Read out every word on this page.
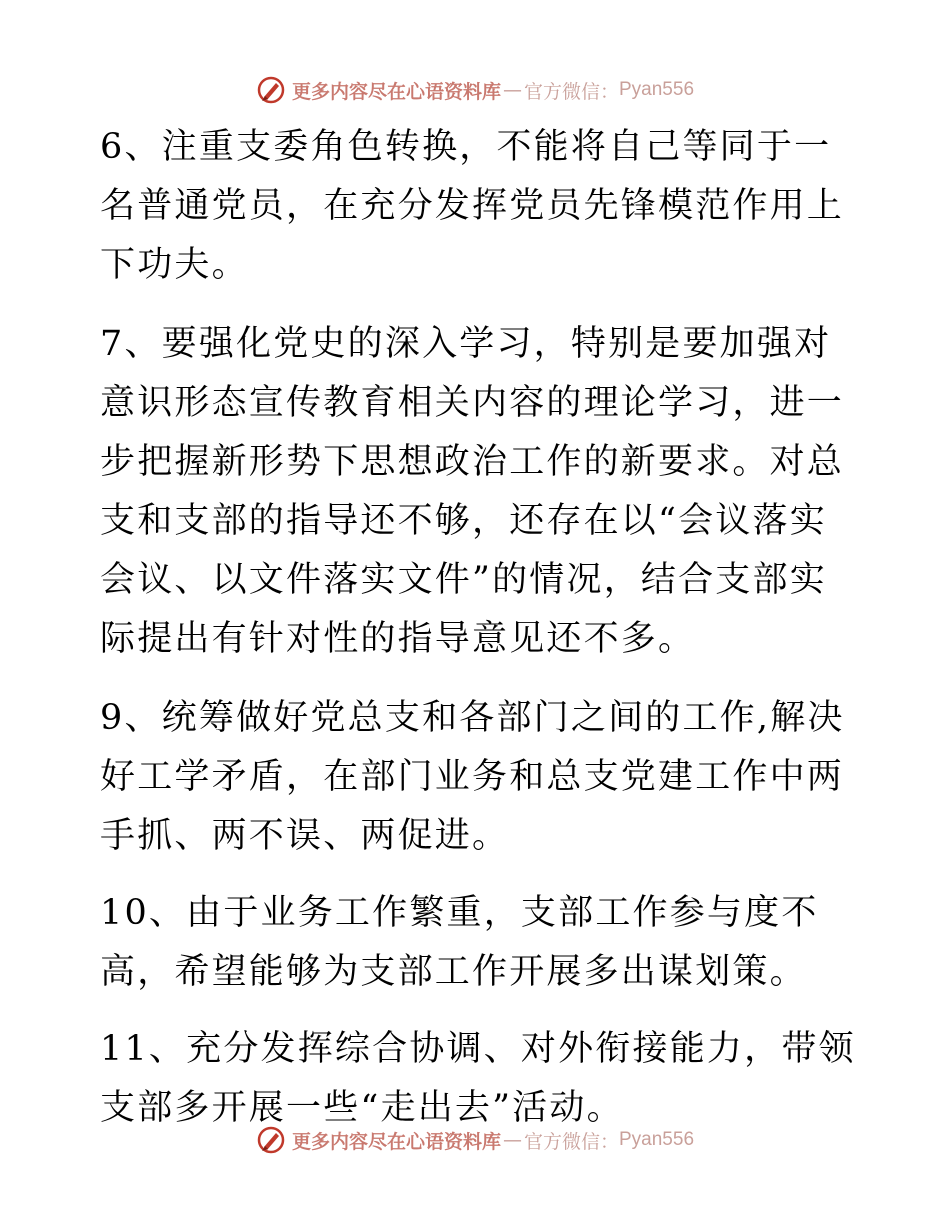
更多内容尽在心语资料库 — 官方微信： Pyan556

6、注重支委角色转换，不能将自己等同于一名普通党员，在充分发挥党员先锋模范作用上下功夫。

7、要强化党史的深入学习，特别是要加强对意识形态宣传教育相关内容的理论学习，进一步把握新形势下思想政治工作的新要求。对总支和支部的指导还不够，还存在以“会议落实会议、以文件落实文件”的情况，结合支部实际提出有针对性的指导意见还不多。

9、统筹做好党总支和各部门之间的工作,解决好工学矛盾，在部门业务和总支党建工作中两手抓、两不误、两促进。

10、由于业务工作繁重，支部工作参与度不高，希望能够为支部工作开展多出谋划策。

11、充分发挥综合协调、对外衔接能力，带领支部多开展一些“走出去”活动。

更多内容尽在心语资料库 — 官方微信： Pyan556
